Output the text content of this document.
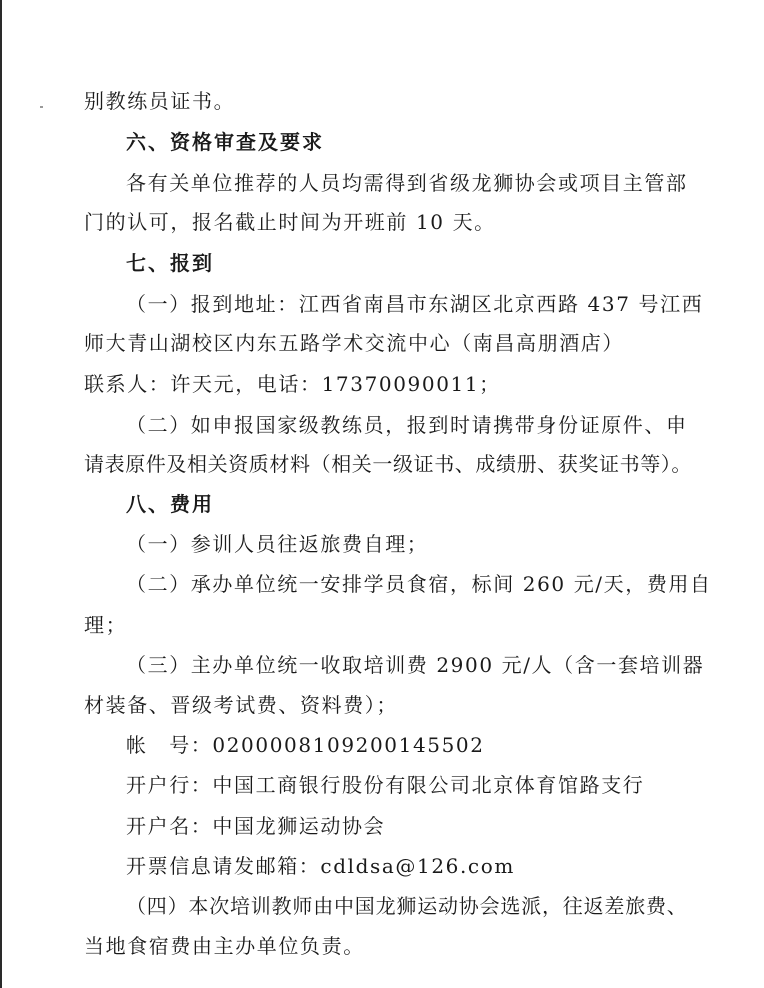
别教练员证书。
六、资格审查及要求
各有关单位推荐的人员均需得到省级龙狮协会或项目主管部
门的认可，报名截止时间为开班前 10 天。
七、报到
（一）报到地址：江西省南昌市东湖区北京西路 437 号江西
师大青山湖校区内东五路学术交流中心（南昌高朋酒店）
联系人：许天元，电话：17370090011；
（二）如申报国家级教练员，报到时请携带身份证原件、申
请表原件及相关资质材料（相关一级证书、成绩册、获奖证书等）。
八、费用
（一）参训人员往返旅费自理；
（二）承办单位统一安排学员食宿，标间 260 元/天，费用自
理；
（三）主办单位统一收取培训费 2900 元/人（含一套培训器
材装备、晋级考试费、资料费）；
帐　号：0200008109200145502
开户行：中国工商银行股份有限公司北京体育馆路支行
开户名：中国龙狮运动协会
开票信息请发邮箱：cdldsa@126.com
（四）本次培训教师由中国龙狮运动协会选派，往返差旅费、
当地食宿费由主办单位负责。
